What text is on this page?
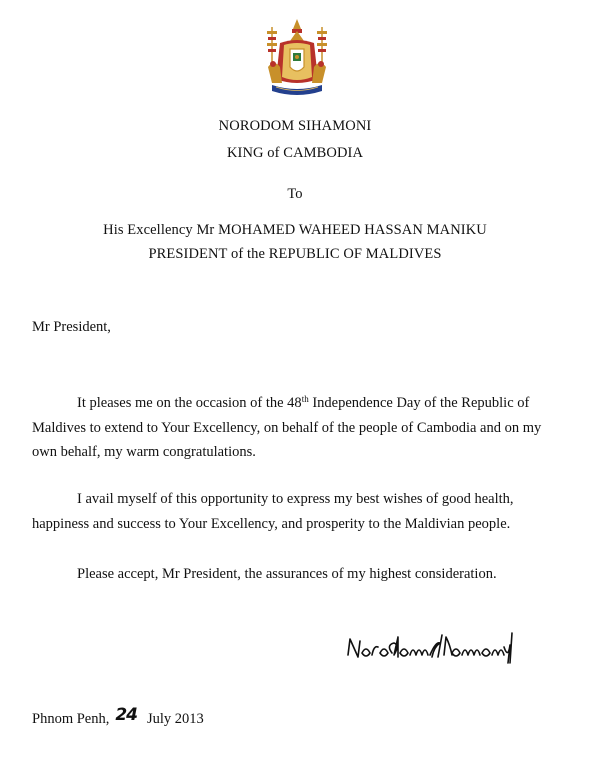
NORODOM SIHAMONI
KING of CAMBODIA
To
His Excellency Mr MOHAMED WAHEED HASSAN MANIKU
PRESIDENT of the REPUBLIC OF MALDIVES
Mr President,

It pleases me on the occasion of the 48th Independence Day of the Republic of Maldives to extend to Your Excellency, on behalf of the people of Cambodia and on my own behalf, my warm congratulations.

I avail myself of this opportunity to express my best wishes of good health, happiness and success to Your Excellency, and prosperity to the Maldivian people.

Please accept, Mr President, the assurances of my highest consideration.

Phnom Penh, 24 July 2013
